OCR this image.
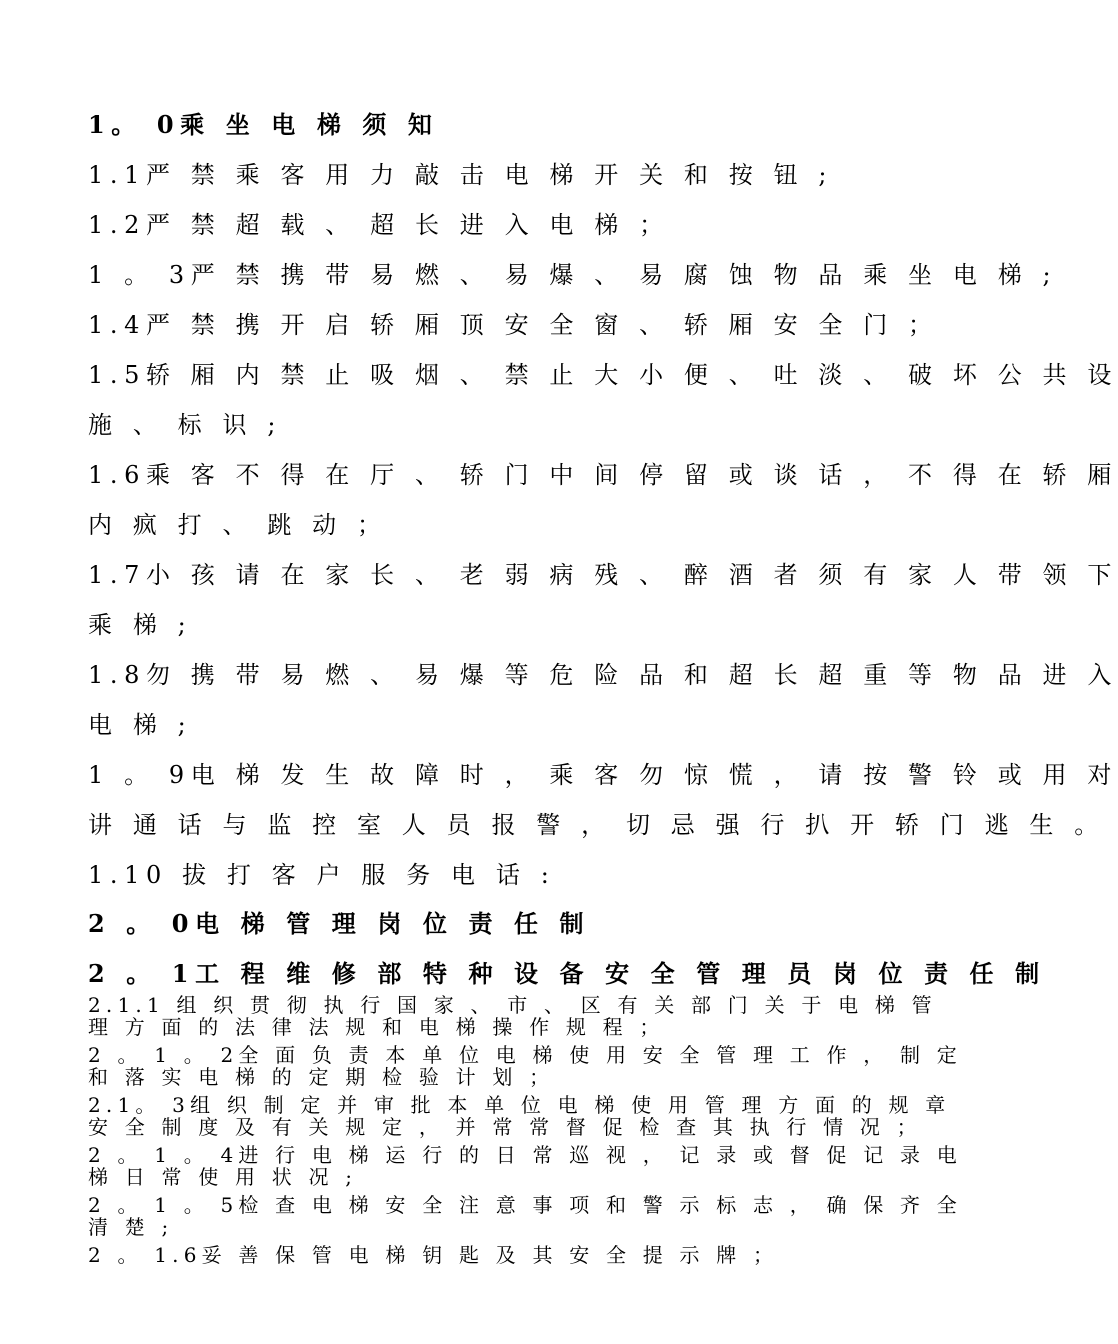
1。 0乘 坐 电 梯 须 知
1.1严 禁 乘 客 用 力 敲 击 电 梯 开 关 和 按 钮 ;
1.2严 禁 超 载 、 超 长 进 入 电 梯 ；
1 。 3严 禁 携 带 易 燃 、 易 爆 、 易 腐 蚀 物 品 乘 坐 电 梯 ;
1.4严 禁 携 开 启 轿 厢 顶 安 全 窗 、 轿 厢 安 全 门 ；
1.5轿 厢 内 禁 止 吸 烟 、 禁 止 大 小 便 、 吐 淡 、 破 坏 公 共 设
施 、 标 识 ;
1.6乘 客 不 得 在 厅 、 轿 门 中 间 停 留 或 谈 话 ， 不 得 在 轿 厢
内 疯 打 、 跳 动 ；
1.7小 孩 请 在 家 长 、 老 弱 病 残 、 醉 酒 者 须 有 家 人 带 领 下
乘 梯 ;
1.8勿 携 带 易 燃 、 易 爆 等 危 险 品 和 超 长 超 重 等 物 品 进 入
电 梯 ;
1 。 9电 梯 发 生 故 障 时 ， 乘 客 勿 惊 慌 ， 请 按 警 铃 或 用 对
讲 通 话 与 监 控 室 人 员 报 警 ， 切 忌 强 行 扒 开 轿 门 逃 生 。
1.10 拔 打 客 户 服 务 电 话 :
2 。 0电 梯 管 理 岗 位 责 任 制
2 。 1工 程 维 修 部 特 种 设 备 安 全 管 理 员 岗 位 责 任 制
2.1.1 组 织 贯 彻 执 行 国 家 、 市 、 区 有 关 部 门 关 于 电 梯 管
理 方 面 的 法 律 法 规 和 电 梯 操 作 规 程 ；
2 。 1 。 2全 面 负 责 本 单 位 电 梯 使 用 安 全 管 理 工 作 ， 制 定
和 落 实 电 梯 的 定 期 检 验 计 划 ；
2.1。 3组 织 制 定 并 审 批 本 单 位 电 梯 使 用 管 理 方 面 的 规 章
安 全 制 度 及 有 关 规 定 ， 并 常 常 督 促 检 查 其 执 行 情 况 ；
2 。 1 。 4进 行 电 梯 运 行 的 日 常 巡 视 ， 记 录 或 督 促 记 录 电
梯 日 常 使 用 状 况 ;
2 。 1 。 5检 查 电 梯 安 全 注 意 事 项 和 警 示 标 志 ， 确 保 齐 全
清 楚 ;
2 。 1.6妥 善 保 管 电 梯 钥 匙 及 其 安 全 提 示 牌 ；
